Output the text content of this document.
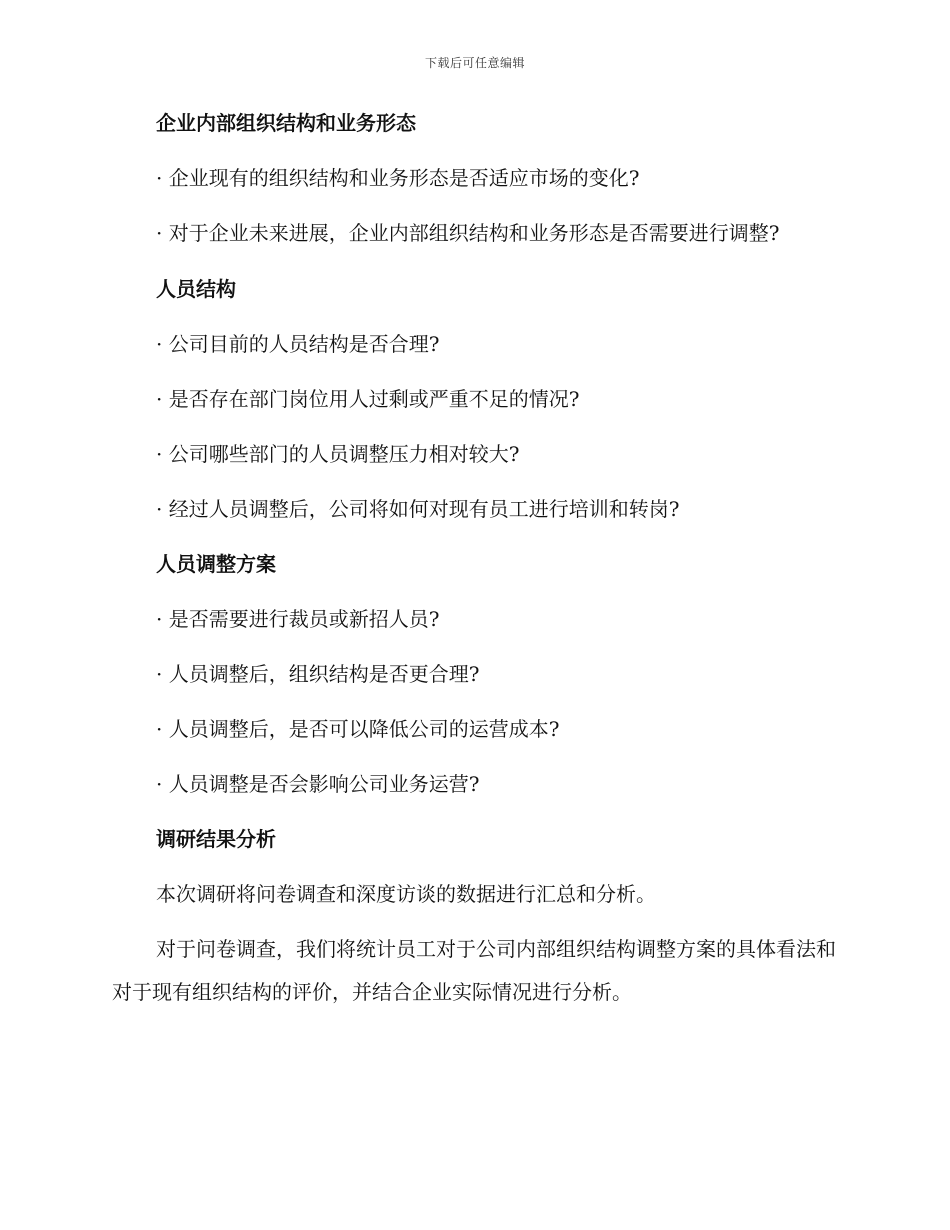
下载后可任意编辑
企业内部组织结构和业务形态
· 企业现有的组织结构和业务形态是否适应市场的变化?
· 对于企业未来进展，企业内部组织结构和业务形态是否需要进行调整?
人员结构
· 公司目前的人员结构是否合理?
· 是否存在部门岗位用人过剩或严重不足的情况?
· 公司哪些部门的人员调整压力相对较大?
· 经过人员调整后，公司将如何对现有员工进行培训和转岗?
人员调整方案
· 是否需要进行裁员或新招人员?
· 人员调整后，组织结构是否更合理?
· 人员调整后，是否可以降低公司的运营成本?
· 人员调整是否会影响公司业务运营?
调研结果分析
本次调研将问卷调查和深度访谈的数据进行汇总和分析。
对于问卷调查，我们将统计员工对于公司内部组织结构调整方案的具体看法和对于现有组织结构的评价，并结合企业实际情况进行分析。
